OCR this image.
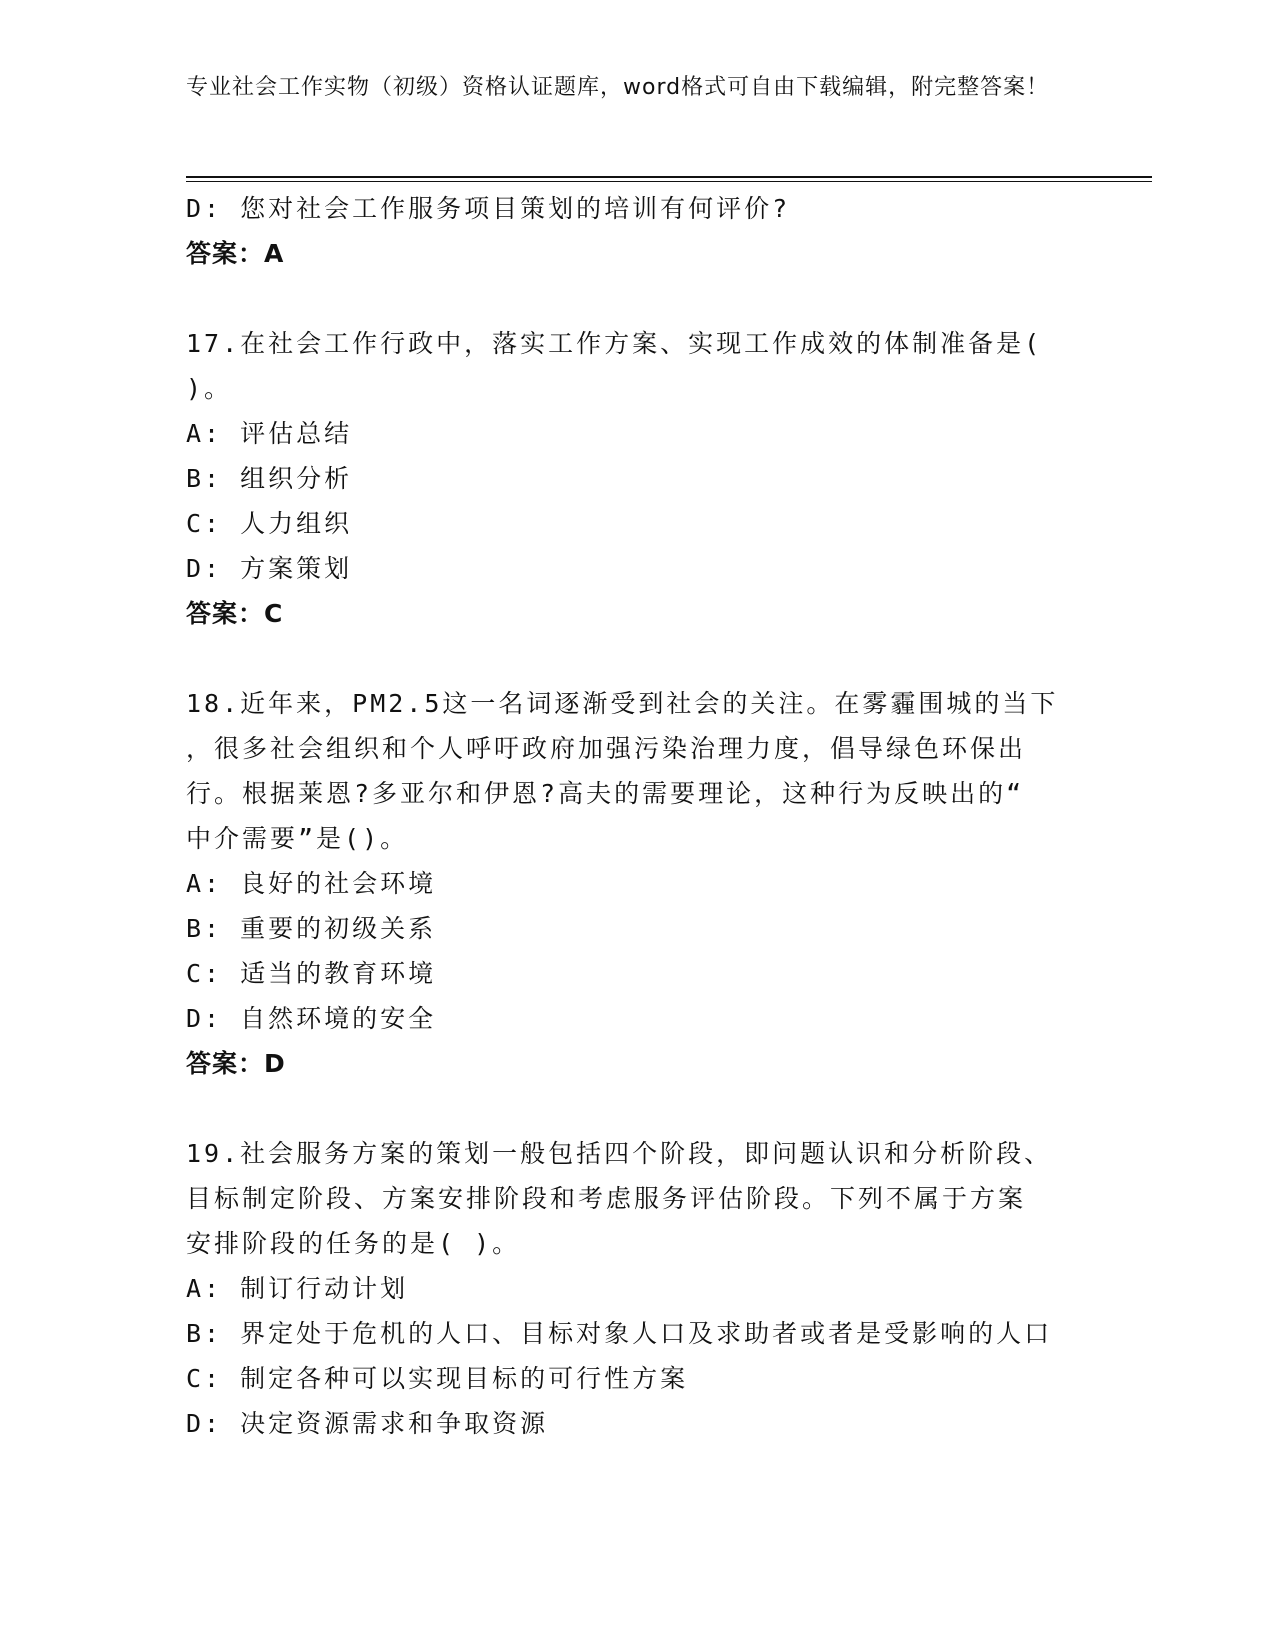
专业社会工作实物（初级）资格认证题库，word格式可自由下载编辑，附完整答案！
D: 您对社会工作服务项目策划的培训有何评价?
答案：A
17.在社会工作行政中，落实工作方案、实现工作成效的体制准备是(
)。
A: 评估总结
B: 组织分析
C: 人力组织
D: 方案策划
答案：C
18.近年来，PM2.5这一名词逐渐受到社会的关注。在雾霾围城的当下
，很多社会组织和个人呼吁政府加强污染治理力度，倡导绿色环保出
行。根据莱恩?多亚尔和伊恩?高夫的需要理论，这种行为反映出的“
中介需要”是()。
A: 良好的社会环境
B: 重要的初级关系
C: 适当的教育环境
D: 自然环境的安全
答案：D
19.社会服务方案的策划一般包括四个阶段，即问题认识和分析阶段、
目标制定阶段、方案安排阶段和考虑服务评估阶段。下列不属于方案
安排阶段的任务的是( )。
A: 制订行动计划
B: 界定处于危机的人口、目标对象人口及求助者或者是受影响的人口
C: 制定各种可以实现目标的可行性方案
D: 决定资源需求和争取资源
